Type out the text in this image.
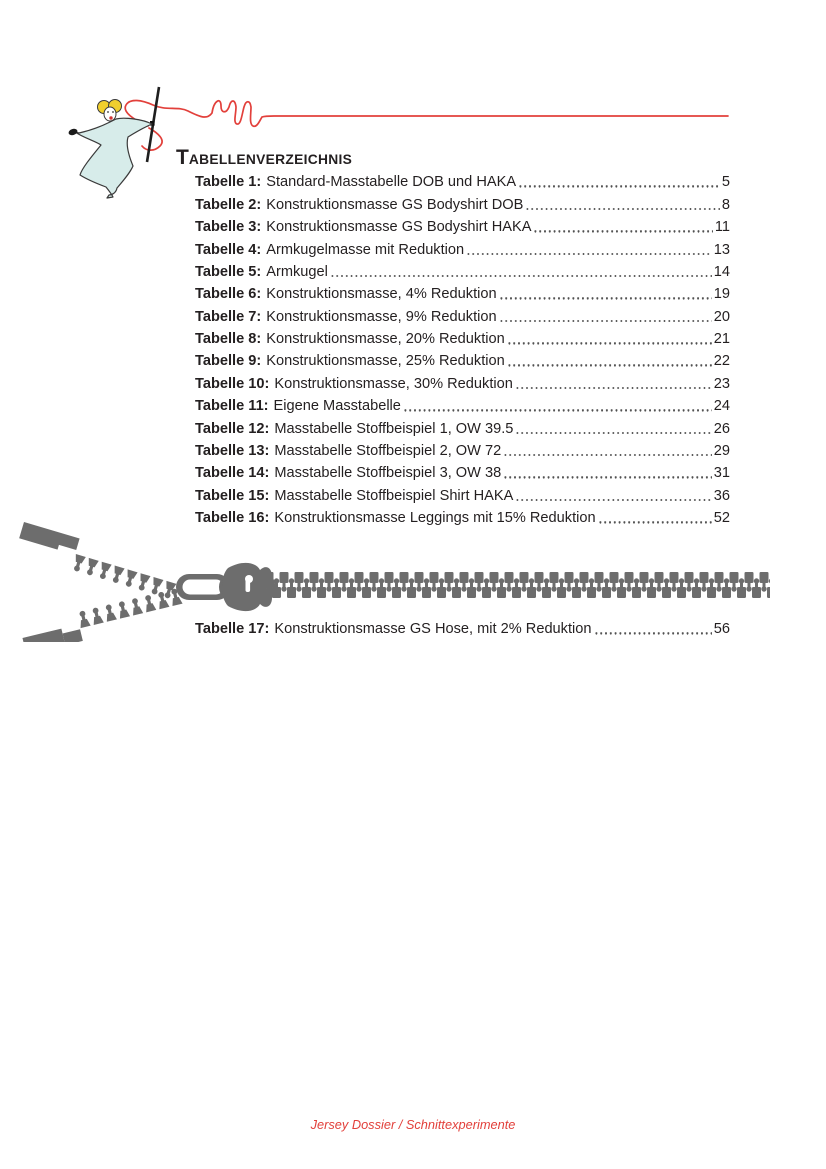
TABELLENVERZEICHNIS
Tabelle 1: Standard-Masstabelle DOB und HAKA	5
Tabelle 2: Konstruktionsmasse GS Bodyshirt DOB	8
Tabelle 3: Konstruktionsmasse GS Bodyshirt HAKA	11
Tabelle 4: Armkugelmasse mit Reduktion	13
Tabelle 5: Armkugel	14
Tabelle 6: Konstruktionsmasse, 4% Reduktion	19
Tabelle 7: Konstruktionsmasse, 9% Reduktion	20
Tabelle 8: Konstruktionsmasse, 20% Reduktion	21
Tabelle 9: Konstruktionsmasse, 25% Reduktion	22
Tabelle 10: Konstruktionsmasse, 30% Reduktion	23
Tabelle 11: Eigene Masstabelle	24
Tabelle 12: Masstabelle Stoffbeispiel 1, OW 39.5	26
Tabelle 13: Masstabelle Stoffbeispiel 2, OW 72	29
Tabelle 14: Masstabelle Stoffbeispiel 3, OW 38	31
Tabelle 15: Masstabelle Stoffbeispiel Shirt HAKA	36
Tabelle 16: Konstruktionsmasse Leggings mit 15% Reduktion	52
Tabelle 17: Konstruktionsmasse GS Hose, mit 2% Reduktion	56
Jersey Dossier / Schnittexperimente
